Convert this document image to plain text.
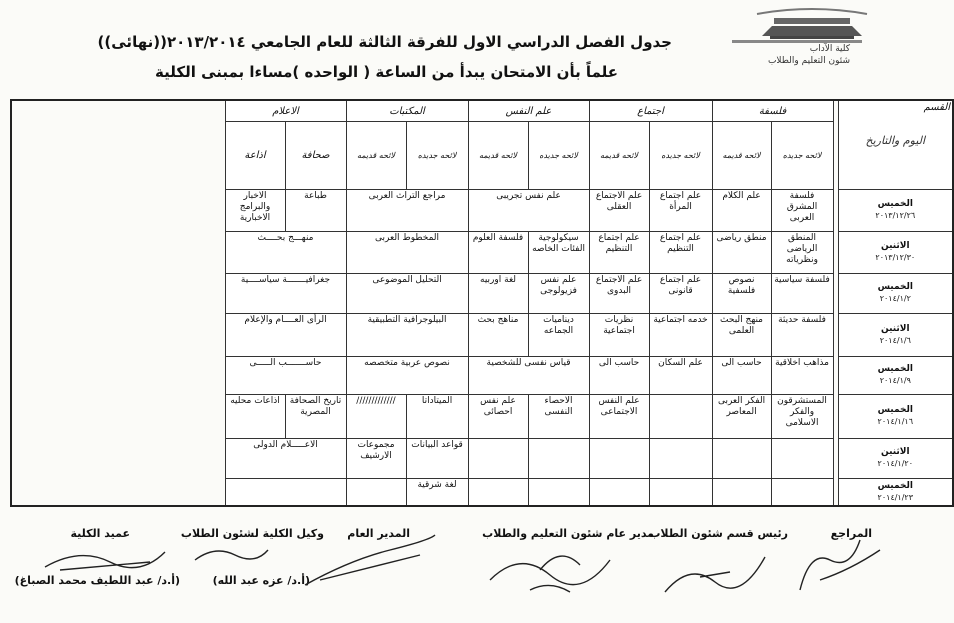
جدول الفصل الدراسي الاول للفرقة الثالثة للعام الجامعي ٢٠١٣/٢٠١٤((نهائى))
علماً بأن الامتحان يبدأ من الساعة ( الواحده )مساءا بمبنى الكلية
كلية الآداب
شئون التعليم والطلاب
القسم
اليوم والتاريخ		فلسفة		اجتماع		علم النفس		المكتبات		الاعلام	
		لائحه جديده	لائحه قديمه	لائحه جديده	لائحه قديمه	لائحه جديده	لائحه قديمه	لائحه جديده	لائحه قديمه	صحافة	اذاعة

الخميس
٢٠١٣/١٢/٢٦		فلسفة المشرق العربى	علم الكلام	علم اجتماع المرأة	علم الاجتماع العقلى	علم نفس تجريبى		مراجع التراث العربى		طباعة	الاخبار والبرامج الاخبارية

الاثنين
٢٠١٣/١٢/٣٠		المنطق الرياضى ونظرياته	منطق رياضى	علم اجتماع التنظيم	علم اجتماع التنظيم	سيكولوجية الفئات الخاصه	فلسفة العلوم	المخطوط العربى		منهـــج بحــــث	

الخميس
٢٠١٤/١/٢		فلسفة سياسية	نصوص فلسفية	علم اجتماع قانونى	علم الاجتماع البدوى	علم نفس فزيولوجى	لغة اوربيه	التحليل الموضوعى		جغرافيـــــــة سياســــية	

الاثنين
٢٠١٤/١/٦		فلسفة حديثة	منهج البحث العلمى	خدمه اجتماعية	نظريات اجتماعية	ديناميات الجماعه	مناهج بحث	البيلوجرافية التطبيقية		الرأى العــــام والإعلام	

الخميس
٢٠١٤/١/٩		مذاهب اخلاقية	حاسب الى	علم السكان	حاسب الى	قياس نفسى للشخصية		نصوص عربية متخصصه		حاســـــــب الـــــى	

الخميس
٢٠١٤/١/١٦		المستشرقون والفكر الاسلامى	الفكر العربى المعاصر		علم النفس الاجتماعى	الاحصاء النفسى	علم نفس احصائى	الميتاداتا	/////////////	تاريخ الصحافة المصرية	اذاعات محليه

الاثنين
٢٠١٤/١/٢٠								قواعد البيانات	مجموعات الارشيف	الاعـــــلام الدولى	

الخميس
٢٠١٤/١/٢٣								لغة شرقية			
المراجع
رئيس قسم شئون الطلاب
مدير عام شئون التعليم والطلاب
المدير العام
وكيل الكلية لشئون الطلاب
عميد الكلية
(أ.د/ عزه عبد الله)
(أ.د/ عبد اللطيف محمد الصباغ)
